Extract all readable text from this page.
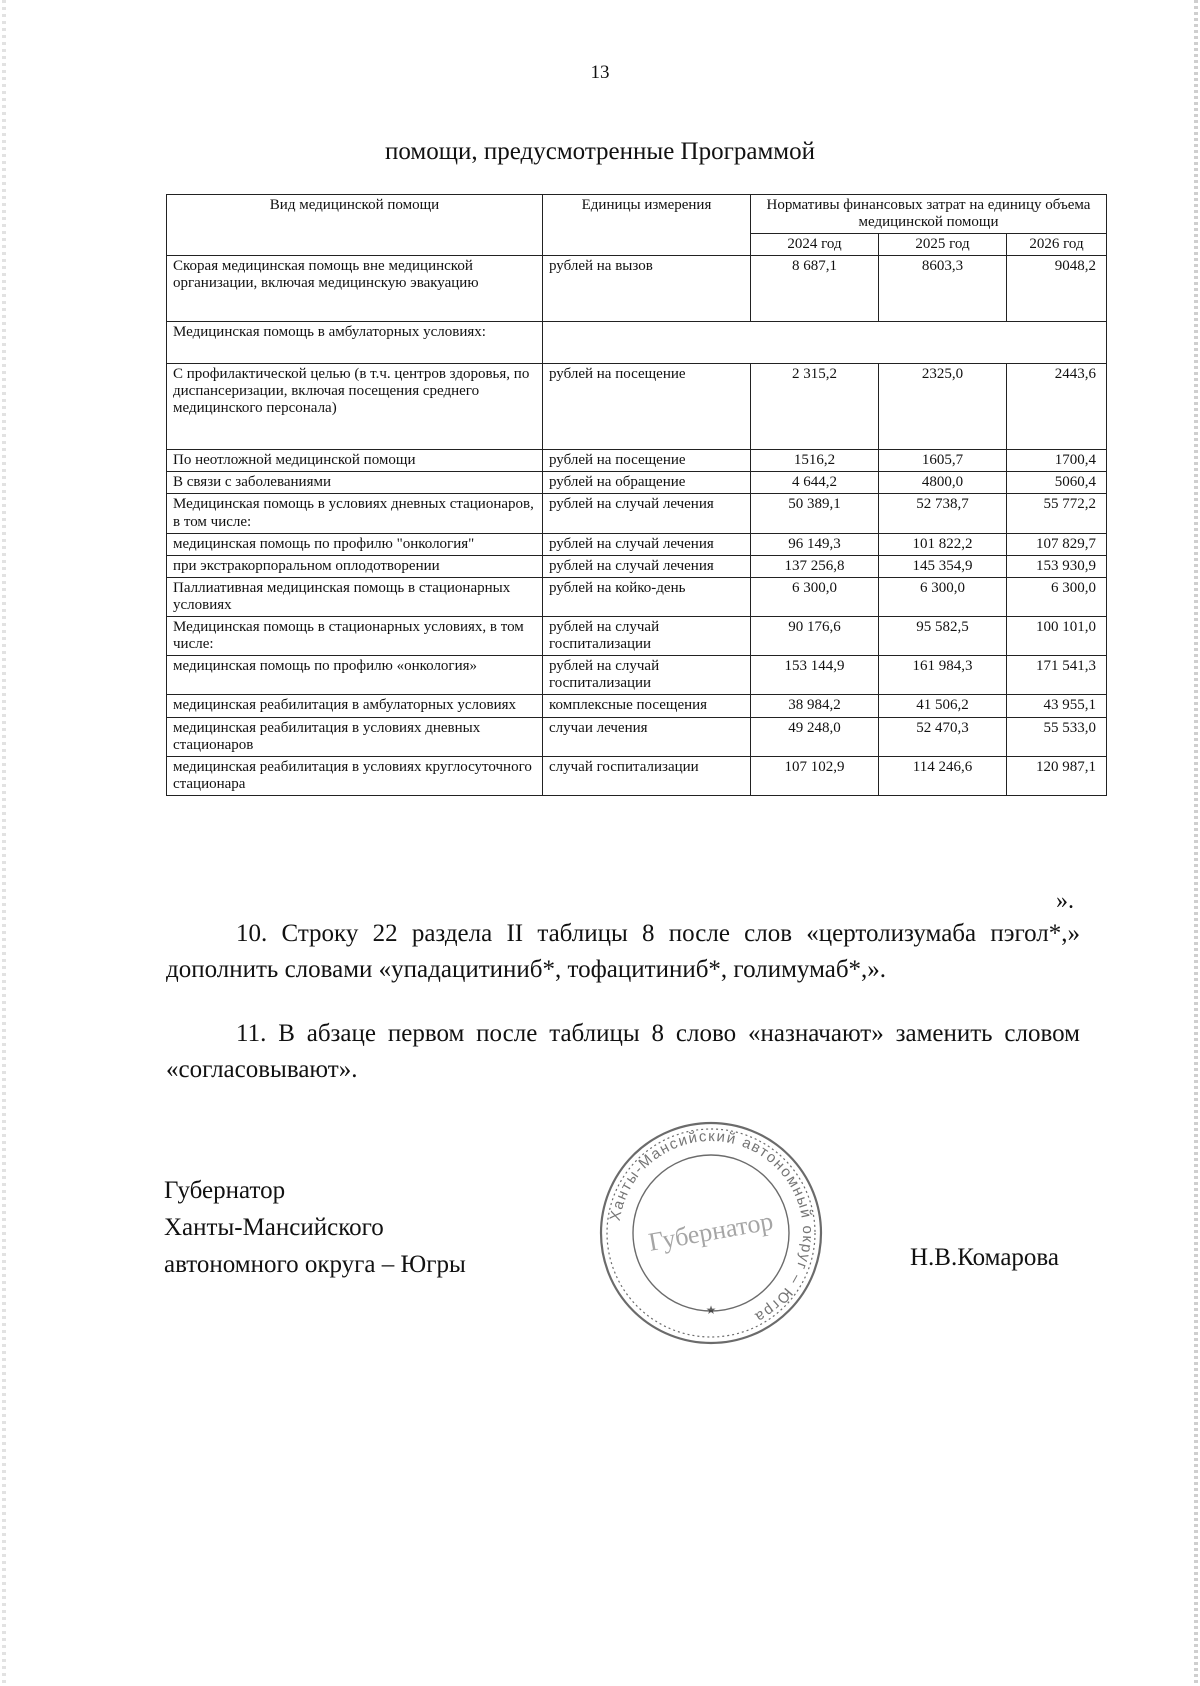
13
помощи, предусмотренные Программой
Вид медицинской помощи	Единицы измерения	Нормативы финансовых затрат на единицу объема медицинской помощи		
		2024 год	2025 год	2026 год
Скорая медицинская помощь вне медицинской организации, включая медицинскую эвакуацию	рублей на вызов	8 687,1	8603,3	9048,2
Медицинская помощь в амбулаторных условиях:				
С профилактической целью (в т.ч. центров здоровья, по диспансеризации, включая посещения среднего медицинского персонала)	рублей на посещение	2 315,2	2325,0	2443,6
По неотложной медицинской помощи	рублей на посещение	1516,2	1605,7	1700,4
В связи с заболеваниями	рублей на обращение	4 644,2	4800,0	5060,4
Медицинская помощь в условиях дневных стационаров, в том числе:	рублей на случай лечения	50 389,1	52 738,7	55 772,2
медицинская помощь по профилю "онкология"	рублей на случай лечения	96 149,3	101 822,2	107 829,7
при экстракорпоральном оплодотворении	рублей на случай лечения	137 256,8	145 354,9	153 930,9
Паллиативная медицинская помощь в стационарных условиях	рублей на койко-день	6 300,0	6 300,0	6 300,0
Медицинская помощь в стационарных условиях, в том числе:	рублей на случай госпитализации	90 176,6	95 582,5	100 101,0
медицинская помощь по профилю «онкология»	рублей на случай госпитализации	153 144,9	161 984,3	171 541,3
медицинская реабилитация в амбулаторных условиях	комплексные посещения	38 984,2	41 506,2	43 955,1
медицинская реабилитация в условиях дневных стационаров	случаи лечения	49 248,0	52 470,3	55 533,0
медицинская реабилитация в условиях круглосуточного стационара	случай госпитализации	107 102,9	114 246,6	120 987,1
».

10. Строку 22 раздела II таблицы 8 после слов «цертолизумаба пэгол*,» дополнить словами «упадацитиниб*, тофацитиниб*, голимумаб*,».

11. В абзаце первом после таблицы 8 слово «назначают» заменить словом «согласовывают».

Губернатор
Ханты-Мансийского
автономного округа – Югры	Н.В.Комарова
Ханты-Мансийский автономный округ – Югра
Губернатор
★
